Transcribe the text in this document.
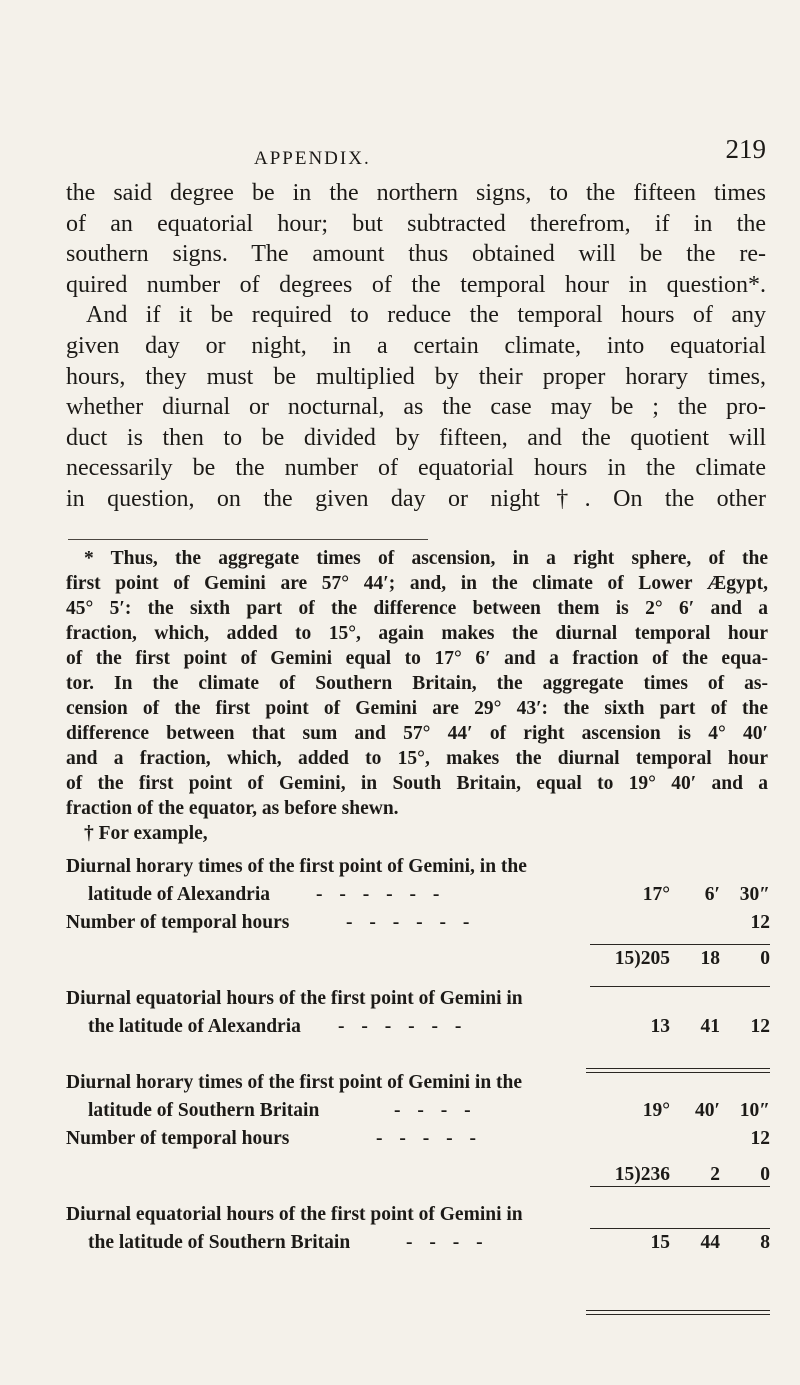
APPENDIX.	219
the said degree be in the northern signs, to the fifteen times
of an equatorial hour; but subtracted therefrom, if in the
southern signs. The amount thus obtained will be the re-
quired number of degrees of the temporal hour in question*.
And if it be required to reduce the temporal hours of any
given day or night, in a certain climate, into equatorial
hours, they must be multiplied by their proper horary times,
whether diurnal or nocturnal, as the case may be ; the pro-
duct is then to be divided by fifteen, and the quotient will
necessarily be the number of equatorial hours in the climate
in question, on the given day or night†. On the other
* Thus, the aggregate times of ascension, in a right sphere, of the
first point of Gemini are 57° 44′; and, in the climate of Lower Ægypt,
45° 5′: the sixth part of the difference between them is 2° 6′ and a
fraction, which, added to 15°, again makes the diurnal temporal hour
of the first point of Gemini equal to 17° 6′ and a fraction of the equa-
tor. In the climate of Southern Britain, the aggregate times of as-
cension of the first point of Gemini are 29° 43′: the sixth part of the
difference between that sum and 57° 44′ of right ascension is 4° 40′
and a fraction, which, added to 15°, makes the diurnal temporal hour
of the first point of Gemini, in South Britain, equal to 19° 40′ and a
fraction of the equator, as before shewn.
† For example,
Diurnal horary times of the first point of Gemini, in the
latitude of Alexandria - - - - - -	17° 6′ 30″
Number of temporal hours	- - - - - -	12
15)205 18 0
Diurnal equatorial hours of the first point of Gemini in
the latitude of Alexandria - - - - - -	13 41 12
Diurnal horary times of the first point of Gemini in the
latitude of Southern Britain	- - - -	19° 40′ 10″
Number of temporal hours	- - - - -	12
15)236 2 0
Diurnal equatorial hours of the first point of Gemini in
the latitude of Southern Britain	- - - -	15 44 8
